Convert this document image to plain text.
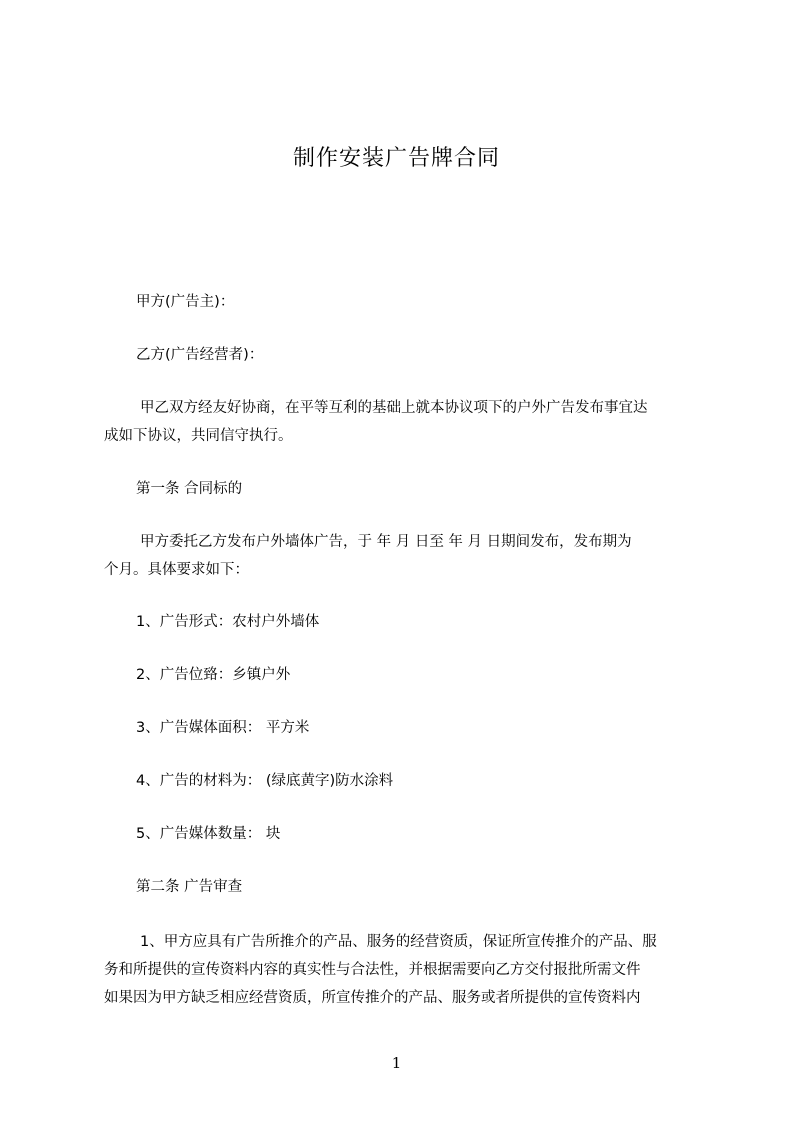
制作安装广告牌合同
甲方(广告主)：
乙方(广告经营者)：
甲乙双方经友好协商，在平等互利的基础上就本协议项下的户外广告发布事宜达
成如下协议，共同信守执行。
第一条 合同标的
甲方委托乙方发布户外墙体广告，于 年 月 日至 年 月 日期间发布，发布期为
个月。具体要求如下：
1、广告形式：农村户外墙体
2、广告位臵：乡镇户外
3、广告媒体面积： 平方米
4、广告的材料为： (绿底黄字)防水涂料
5、广告媒体数量： 块
第二条 广告审查
1、甲方应具有广告所推介的产品、服务的经营资质，保证所宣传推介的产品、服
务和所提供的宣传资料内容的真实性与合法性，并根据需要向乙方交付报批所需文件
如果因为甲方缺乏相应经营资质，所宣传推介的产品、服务或者所提供的宣传资料内
1
